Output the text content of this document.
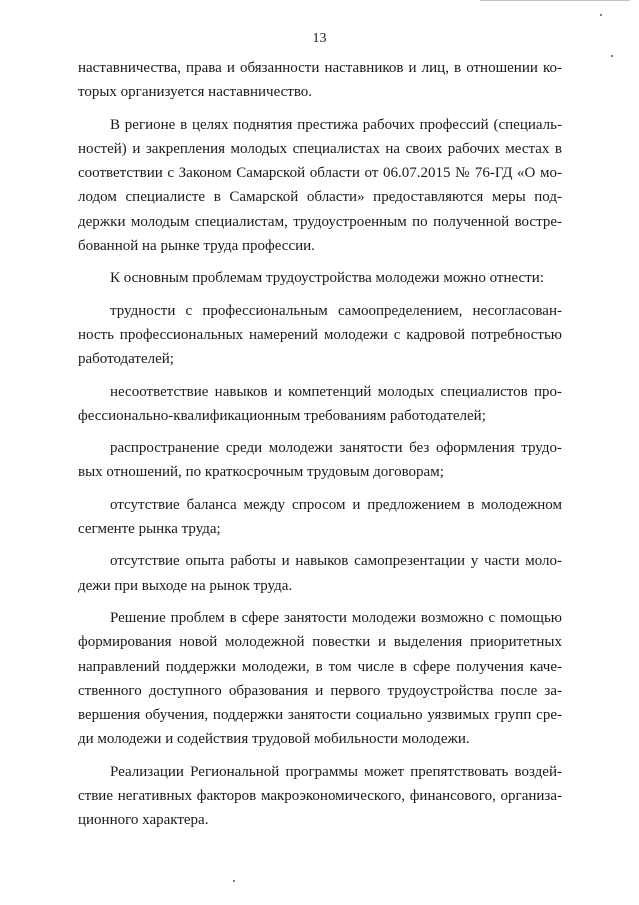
13

наставничества, права и обязанности наставников и лиц, в отношении которых организуется наставничество.

В регионе в целях поднятия престижа рабочих профессий (специальностей) и закрепления молодых специалистах на своих рабочих местах в соответствии с Законом Самарской области от 06.07.2015 № 76-ГД «О молодом специалисте в Самарской области» предоставляются меры поддержки молодым специалистам, трудоустроенным по полученной востребованной на рынке труда профессии.

К основным проблемам трудоустройства молодежи можно отнести:

трудности с профессиональным самоопределением, несогласованность профессиональных намерений молодежи с кадровой потребностью работодателей;

несоответствие навыков и компетенций молодых специалистов профессионально-квалификационным требованиям работодателей;

распространение среди молодежи занятости без оформления трудовых отношений, по краткосрочным трудовым договорам;

отсутствие баланса между спросом и предложением в молодежном сегменте рынка труда;

отсутствие опыта работы и навыков самопрезентации у части молодежи при выходе на рынок труда.

Решение проблем в сфере занятости молодежи возможно с помощью формирования новой молодежной повестки и выделения приоритетных направлений поддержки молодежи, в том числе в сфере получения качественного доступного образования и первого трудоустройства после завершения обучения, поддержки занятости социально уязвимых групп среди молодежи и содействия трудовой мобильности молодежи.

Реализации Региональной программы может препятствовать воздействие негативных факторов макроэкономического, финансового, организационного характера.
